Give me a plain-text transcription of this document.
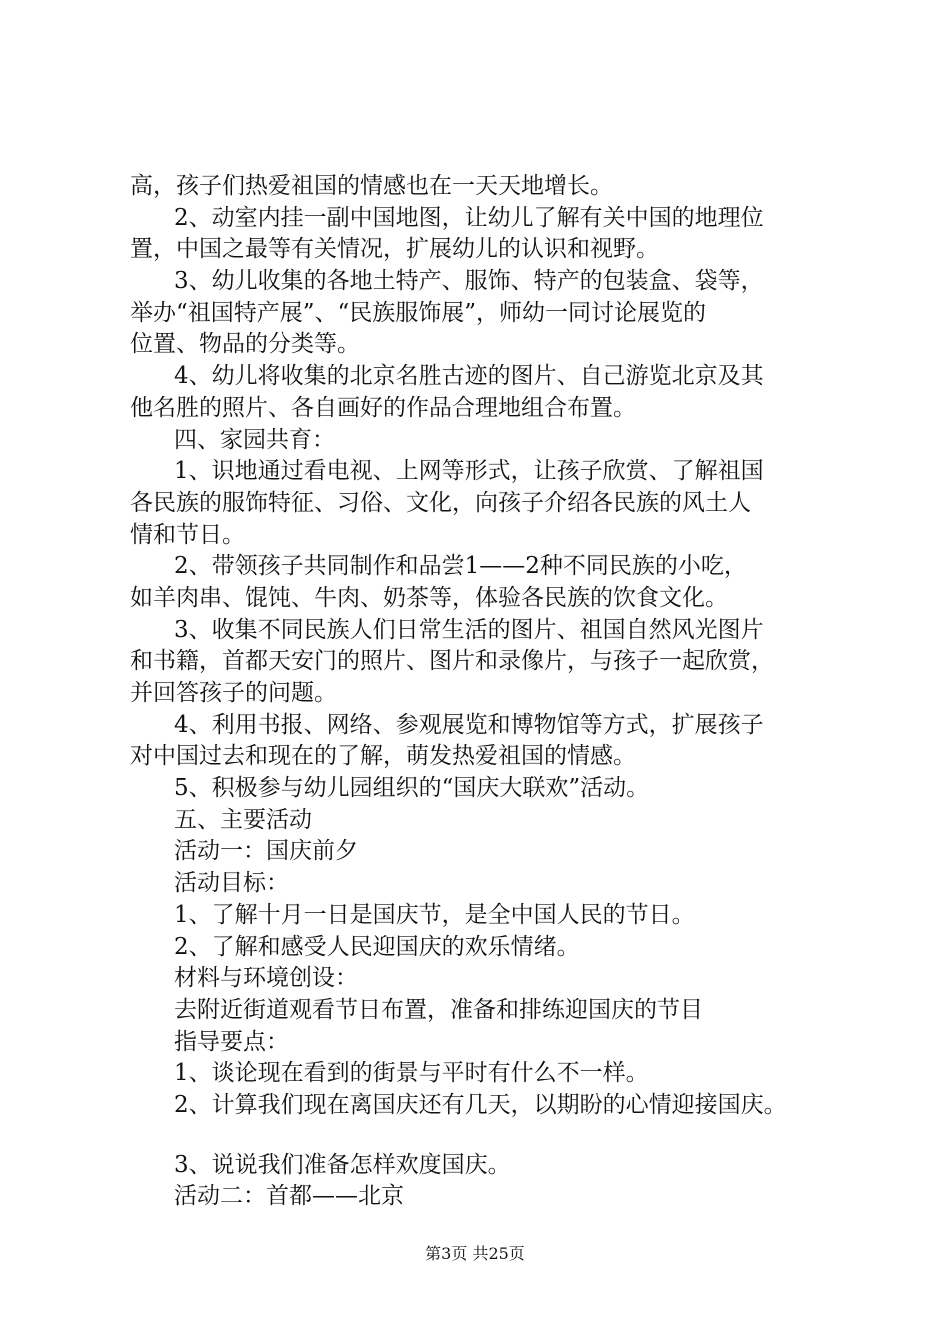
高，孩子们热爱祖国的情感也在一天天地增长。
2、动室内挂一副中国地图，让幼儿了解有关中国的地理位
置，中国之最等有关情况，扩展幼儿的认识和视野。
3、幼儿收集的各地土特产、服饰、特产的包装盒、袋等，
举办“祖国特产展”、“民族服饰展”，师幼一同讨论展览的
位置、物品的分类等。
4、幼儿将收集的北京名胜古迹的图片、自己游览北京及其
他名胜的照片、各自画好的作品合理地组合布置。
四、家园共育：
1、识地通过看电视、上网等形式，让孩子欣赏、了解祖国
各民族的服饰特征、习俗、文化，向孩子介绍各民族的风土人
情和节日。
2、带领孩子共同制作和品尝1——2种不同民族的小吃，
如羊肉串、馄饨、牛肉、奶茶等，体验各民族的饮食文化。
3、收集不同民族人们日常生活的图片、祖国自然风光图片
和书籍，首都天安门的照片、图片和录像片，与孩子一起欣赏，
并回答孩子的问题。
4、利用书报、网络、参观展览和博物馆等方式，扩展孩子
对中国过去和现在的了解，萌发热爱祖国的情感。
5、积极参与幼儿园组织的“国庆大联欢”活动。
五、主要活动
活动一：国庆前夕
活动目标：
1、了解十月一日是国庆节，是全中国人民的节日。
2、了解和感受人民迎国庆的欢乐情绪。
材料与环境创设：
去附近街道观看节日布置，准备和排练迎国庆的节目
指导要点：
1、谈论现在看到的街景与平时有什么不一样。
2、计算我们现在离国庆还有几天，以期盼的心情迎接国庆。
3、说说我们准备怎样欢度国庆。
活动二：首都——北京
第3页 共25页
